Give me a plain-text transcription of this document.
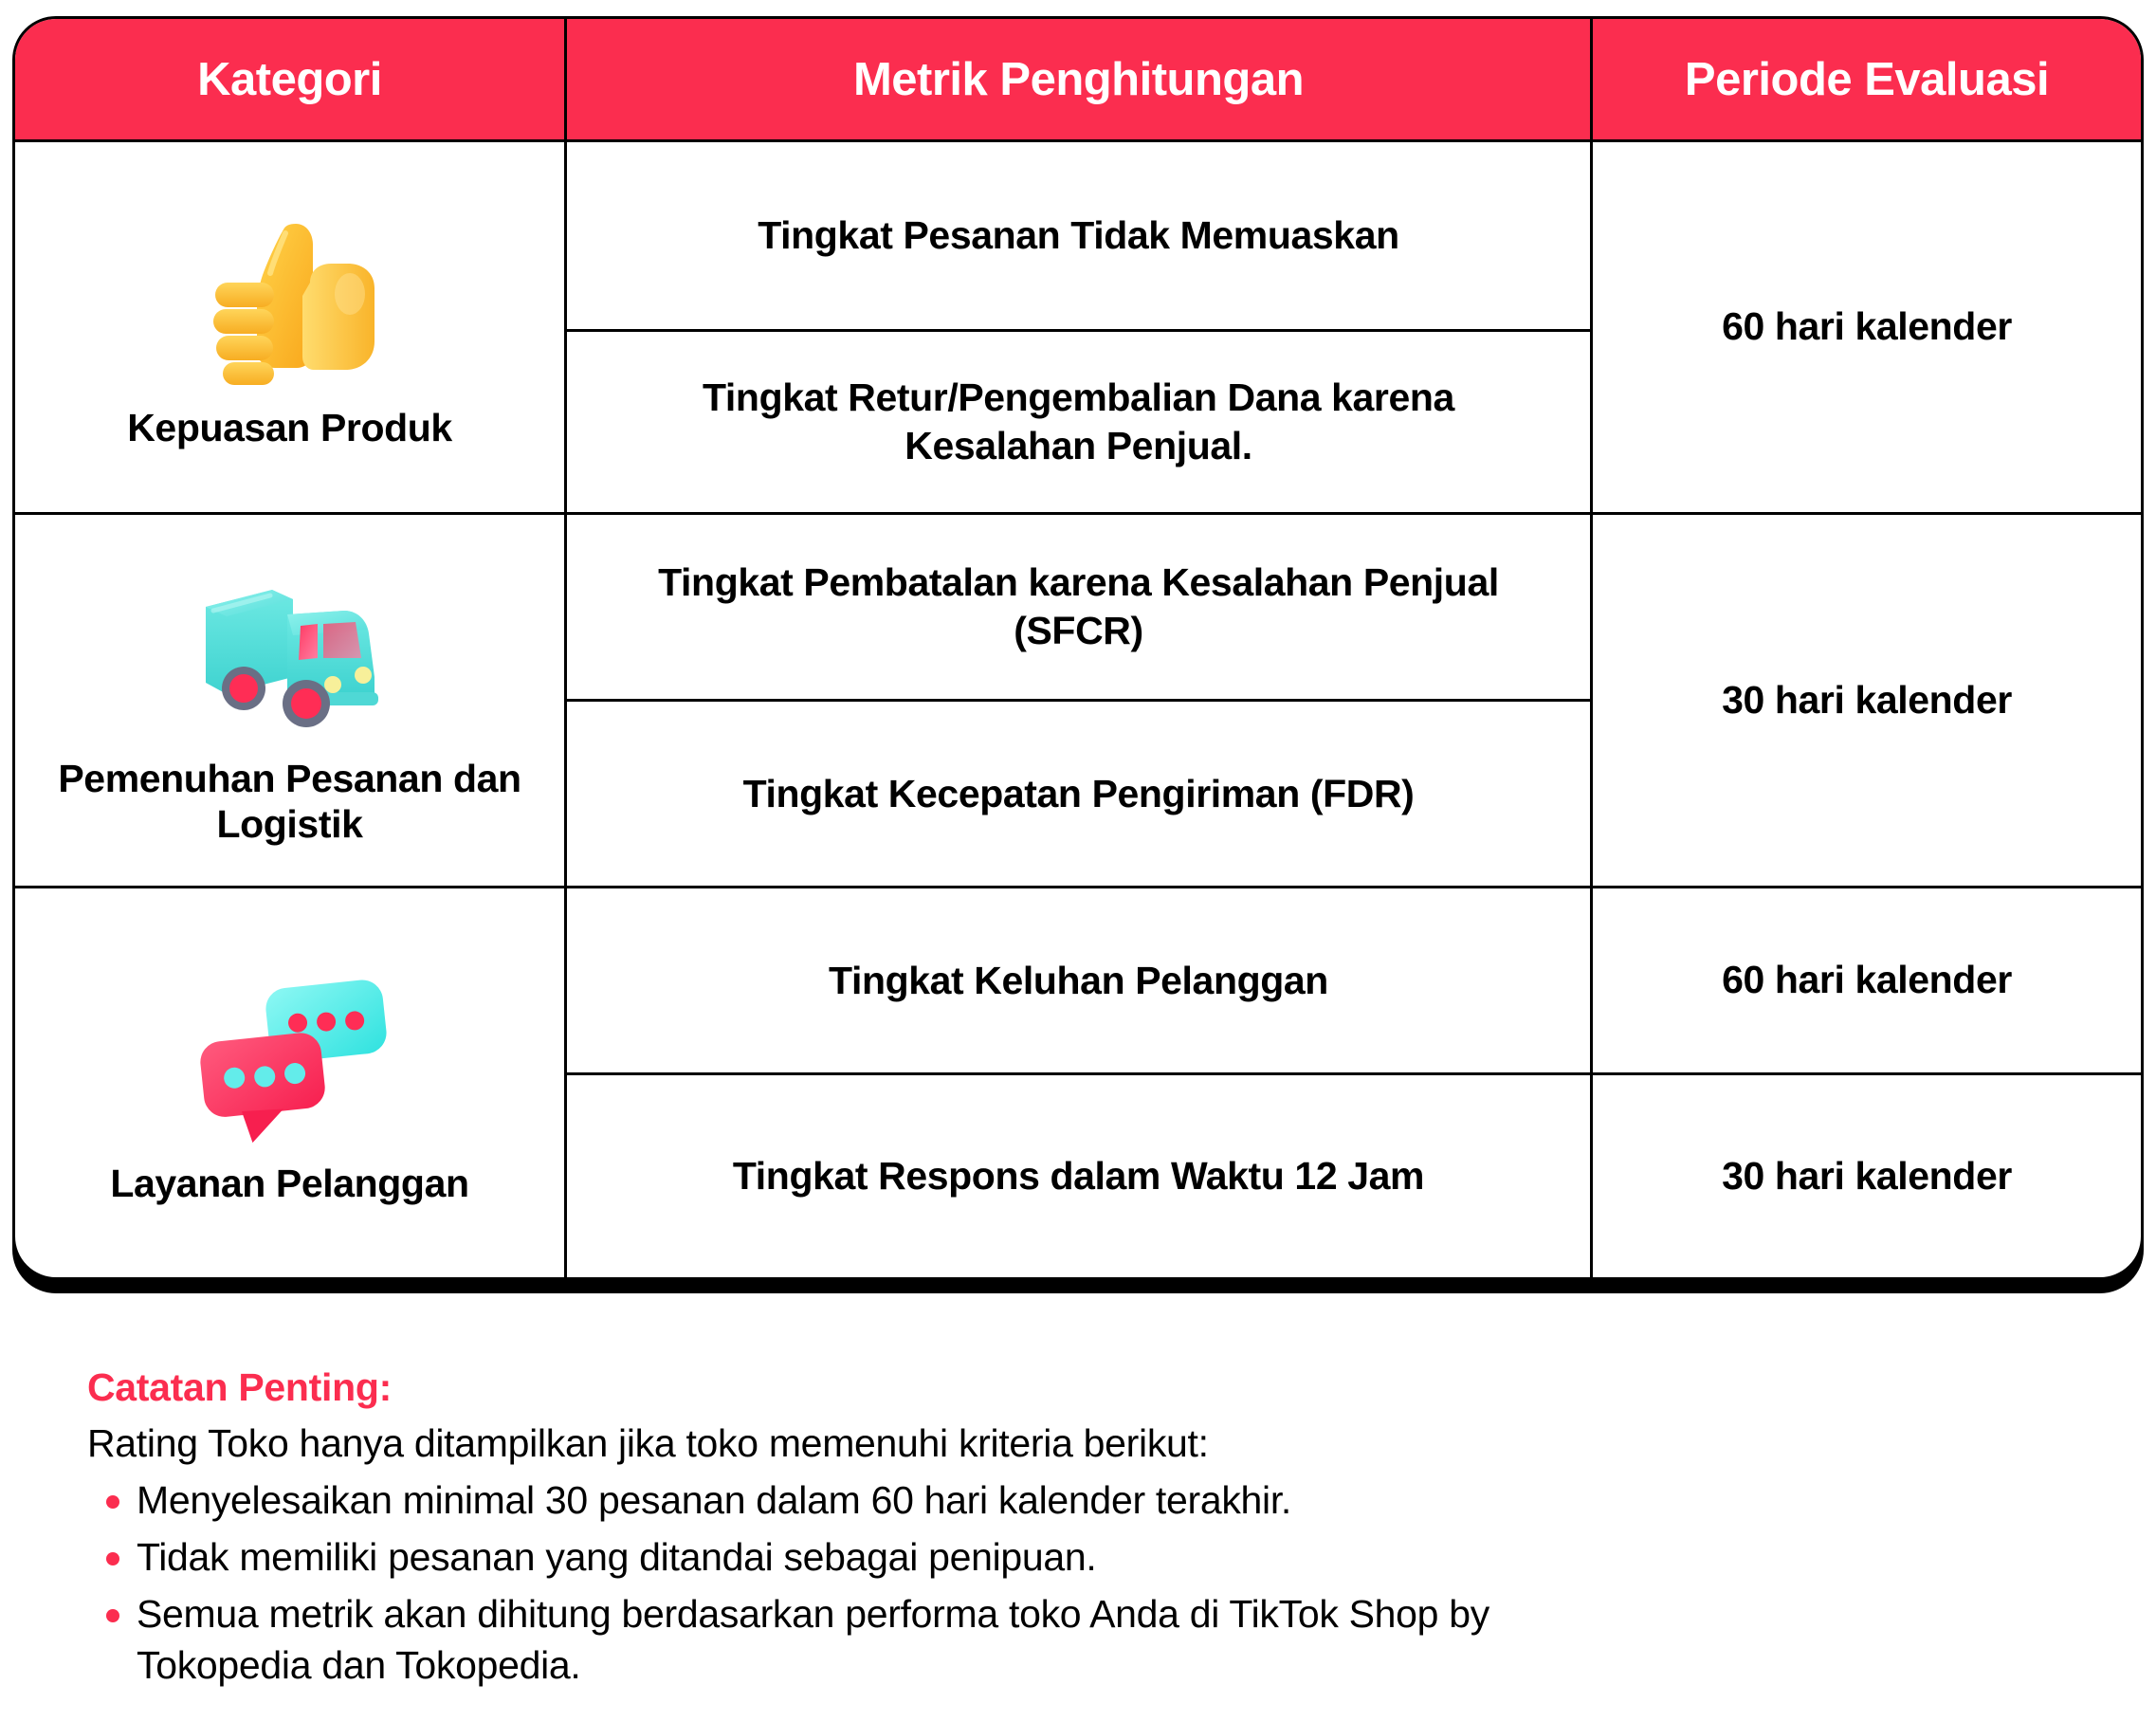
Kategori	Metrik Penghitungan	Periode Evaluasi
Kepuasan Produk
Pemenuhan Pesanan dan Logistik
Layanan Pelanggan
Tingkat Pesanan Tidak Memuaskan
Tingkat Retur/Pengembalian Dana karena Kesalahan Penjual.
Tingkat Pembatalan karena Kesalahan Penjual (SFCR)
Tingkat Kecepatan Pengiriman (FDR)
Tingkat Keluhan Pelanggan
Tingkat Respons dalam Waktu 12 Jam
60 hari kalender
30 hari kalender
60 hari kalender
30 hari kalender
Catatan Penting:
Rating Toko hanya ditampilkan jika toko memenuhi kriteria berikut:
Menyelesaikan minimal 30 pesanan dalam 60 hari kalender terakhir.
Tidak memiliki pesanan yang ditandai sebagai penipuan.
Semua metrik akan dihitung berdasarkan performa toko Anda di TikTok Shop by Tokopedia dan Tokopedia.
